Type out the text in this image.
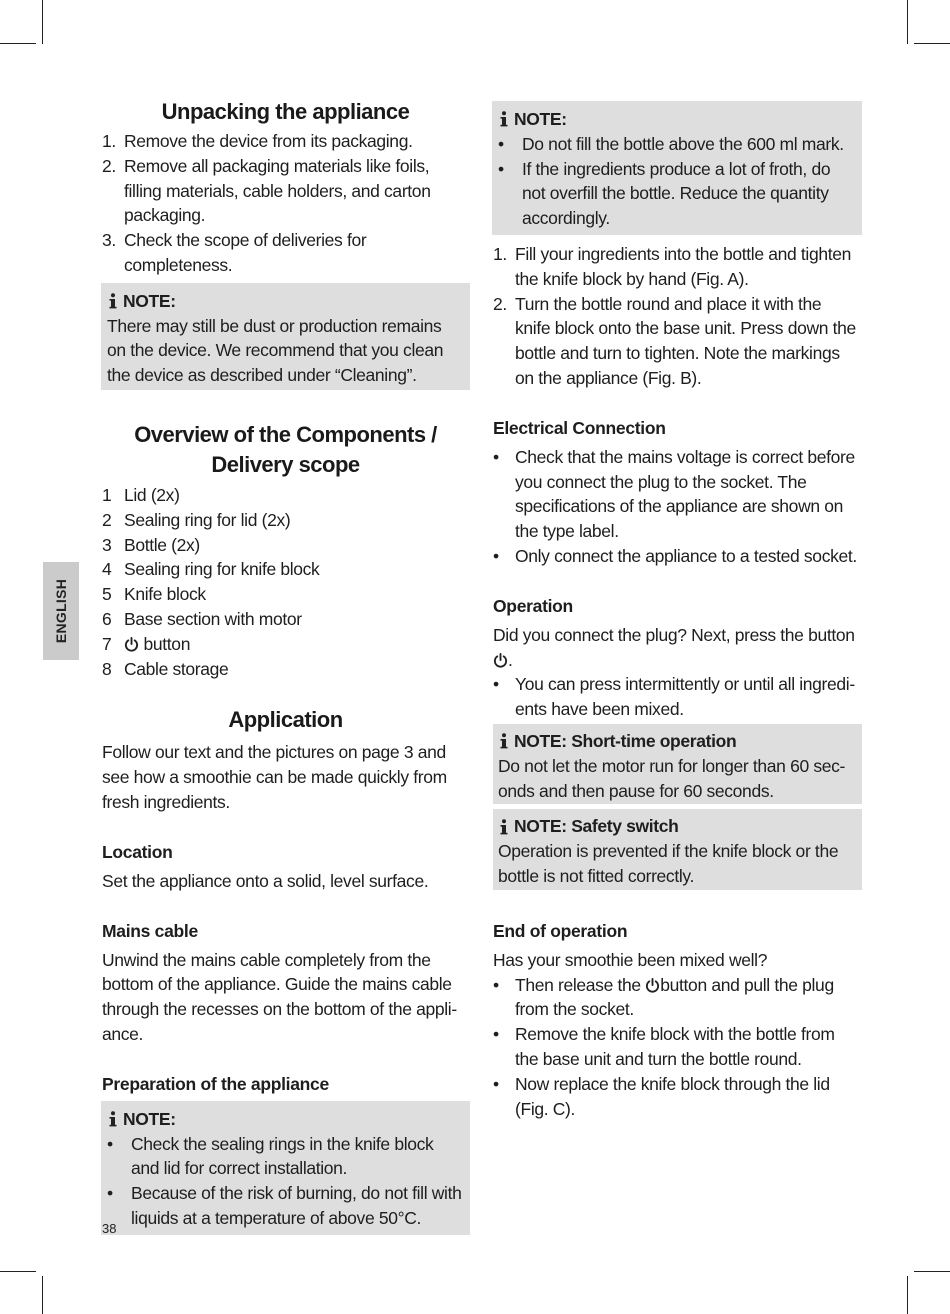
ENGLISH
Unpacking the appliance
1. Remove the device from its packaging.
2. Remove all packaging materials like foils, filling materials, cable holders, and carton packaging.
3. Check the scope of deliveries for completeness.
NOTE:

There may still be dust or production remains on the device. We recommend that you clean the device as described under “Cleaning”.

Overview of the Components /
Delivery scope
1 Lid (2x)
2 Sealing ring for lid (2x)
3 Bottle (2x)
4 Sealing ring for knife block
5 Knife block
6 Base section with motor
7 button
8 Cable storage
Application

Follow our text and the pictures on page 3 and see how a smoothie can be made quickly from fresh ingredients.

Location

Set the appliance onto a solid, level surface.

Mains cable

Unwind the mains cable completely from the bottom of the appliance. Guide the mains cable through the recesses on the bottom of the appliance.

Preparation of the appliance
NOTE:
• Check the sealing rings in the knife block and lid for correct installation.
• Because of the risk of burning, do not fill with liquids at a temperature of above 50°C.
NOTE:
• Do not fill the bottle above the 600 ml mark.
• If the ingredients produce a lot of froth, do not overfill the bottle. Reduce the quantity accordingly.
1. Fill your ingredients into the bottle and tighten the knife block by hand (Fig. A).
2. Turn the bottle round and place it with the knife block onto the base unit. Press down the bottle and turn to tighten. Note the markings on the appliance (Fig. B).
Electrical Connection
• Check that the mains voltage is correct before you connect the plug to the socket. The specifications of the appliance are shown on the type label.
• Only connect the appliance to a tested socket.
Operation

Did you connect the plug? Next, press the button

.

• You can press intermittently or until all ingredients have been mixed.
NOTE: Short-time operation

Do not let the motor run for longer than 60 seconds and then pause for 60 seconds.

NOTE: Safety switch

Operation is prevented if the knife block or the bottle is not fitted correctly.

End of operation

Has your smoothie been mixed well?

• Then release the button and pull the plug from the socket.
• Remove the knife block with the bottle from the base unit and turn the bottle round.
• Now replace the knife block through the lid (Fig. C).
38
